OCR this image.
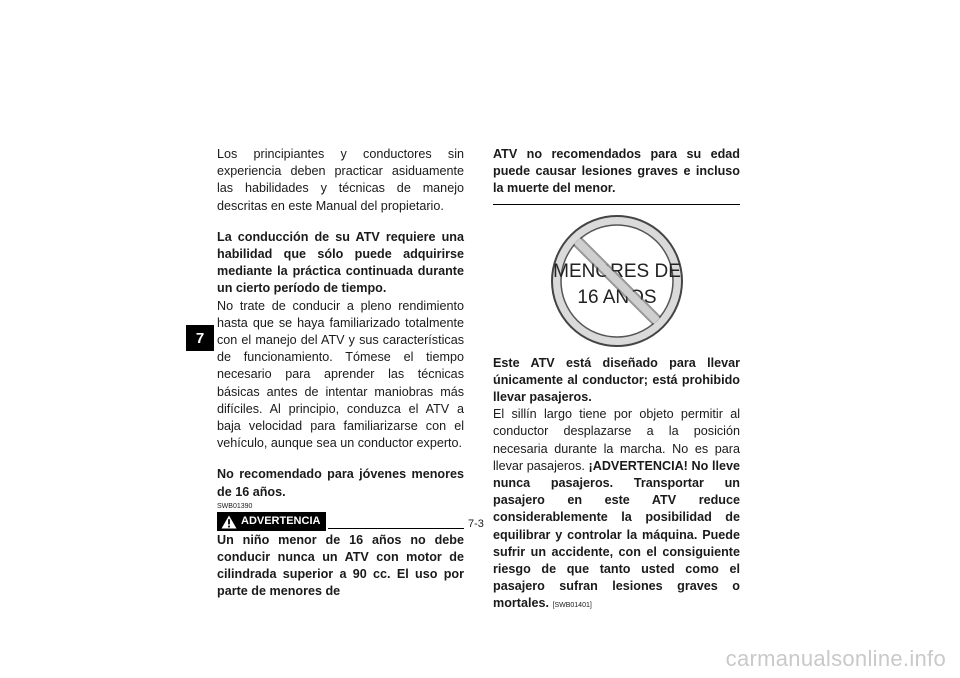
7

Los principiantes y conductores sin experiencia deben practicar asiduamente las habilidades y técnicas de manejo descritas en este Manual del propietario.

La conducción de su ATV requiere una habilidad que sólo puede adquirirse mediante la práctica continuada durante un cierto período de tiempo.

No trate de conducir a pleno rendimiento hasta que se haya familiarizado totalmente con el manejo del ATV y sus características de funcionamiento. Tómese el tiempo necesario para aprender las técnicas básicas antes de intentar maniobras más difíciles. Al principio, conduzca el ATV a baja velocidad para familiarizarse con el vehículo, aunque sea un conductor experto.

No recomendado para jóvenes menores de 16 años.

SWB01390

ADVERTENCIA

Un niño menor de 16 años no debe conducir nunca un ATV con motor de cilindrada superior a 90 cc. El uso por parte de menores de

ATV no recomendados para su edad puede causar lesiones graves e incluso la muerte del menor.

MENORES DE
16 AÑOS

Este ATV está diseñado para llevar únicamente al conductor; está prohibido llevar pasajeros.

El sillín largo tiene por objeto permitir al conductor desplazarse a la posición necesaria durante la marcha. No es para llevar pasajeros. ¡ADVERTENCIA! No lleve nunca pasajeros. Transportar un pasajero en este ATV reduce considerablemente la posibilidad de equilibrar y controlar la máquina. Puede sufrir un accidente, con el consiguiente riesgo de que tanto usted como el pasajero sufran lesiones graves o mortales. [SWB01401]

7-3
carmanualsonline.info
